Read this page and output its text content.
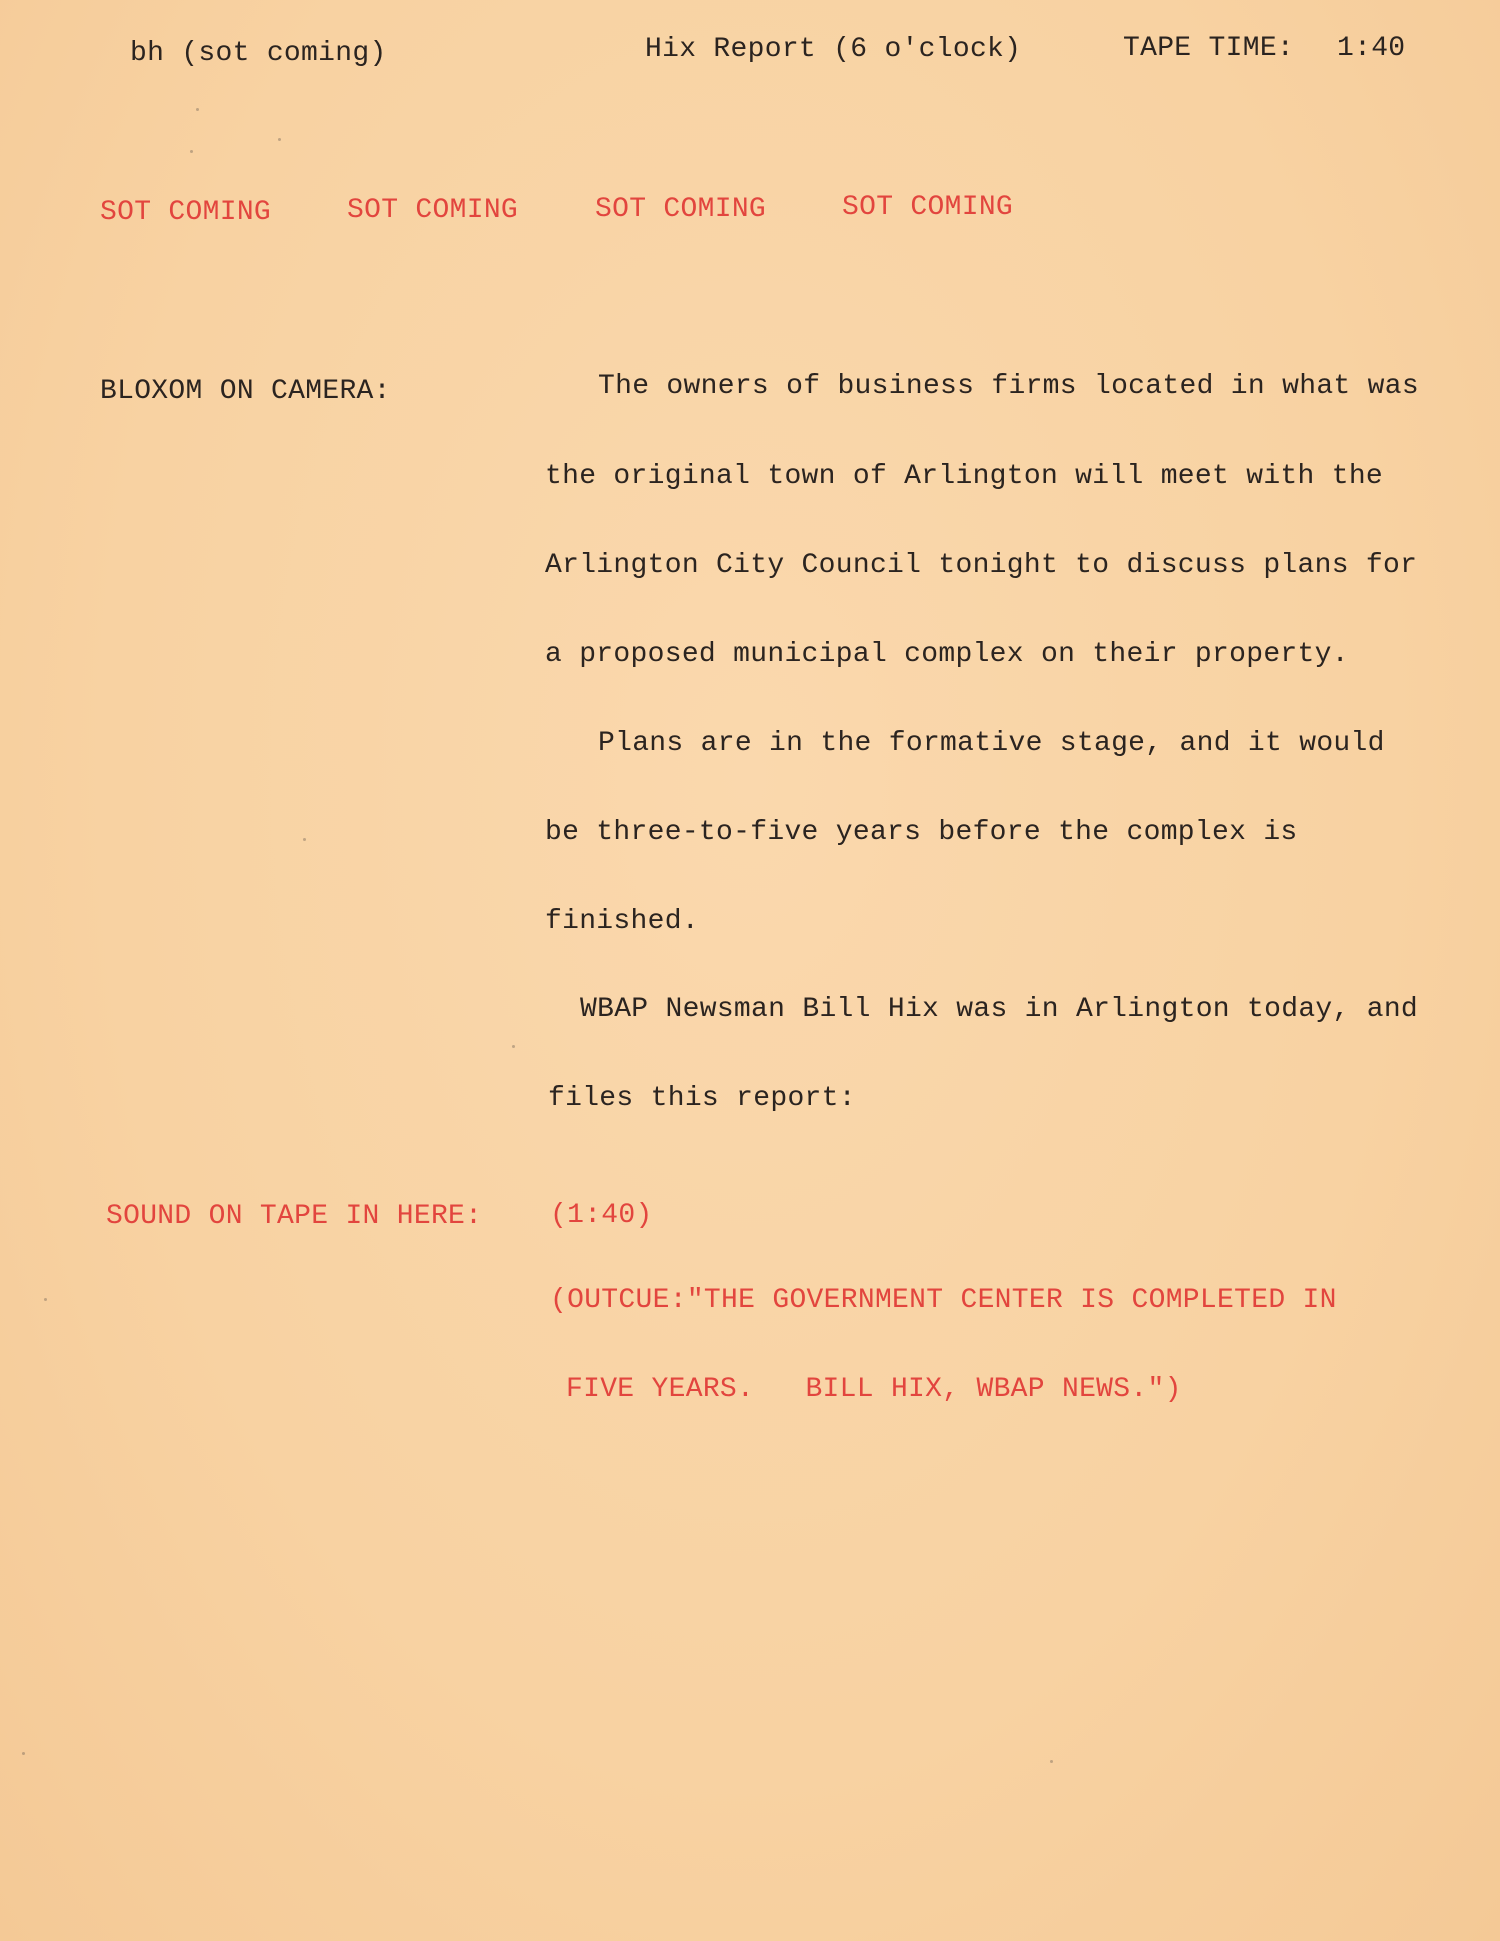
bh (sot coming)	Hix Report (6 o'clock)	TAPE TIME: 1:40
SOT COMING	SOT COMING	SOT COMING	SOT COMING
BLOXOM ON CAMERA:	The owners of business firms located in what was
the original town of Arlington will meet with the
Arlington City Council tonight to discuss plans for
a proposed municipal complex on their property.
Plans are in the formative stage, and it would
be three-to-five years before the complex is
finished.
WBAP Newsman Bill Hix was in Arlington today, and
files this report:
SOUND ON TAPE IN HERE: (1:40)
(OUTCUE:"THE GOVERNMENT CENTER IS COMPLETED IN
FIVE YEARS.   BILL HIX, WBAP NEWS.")
